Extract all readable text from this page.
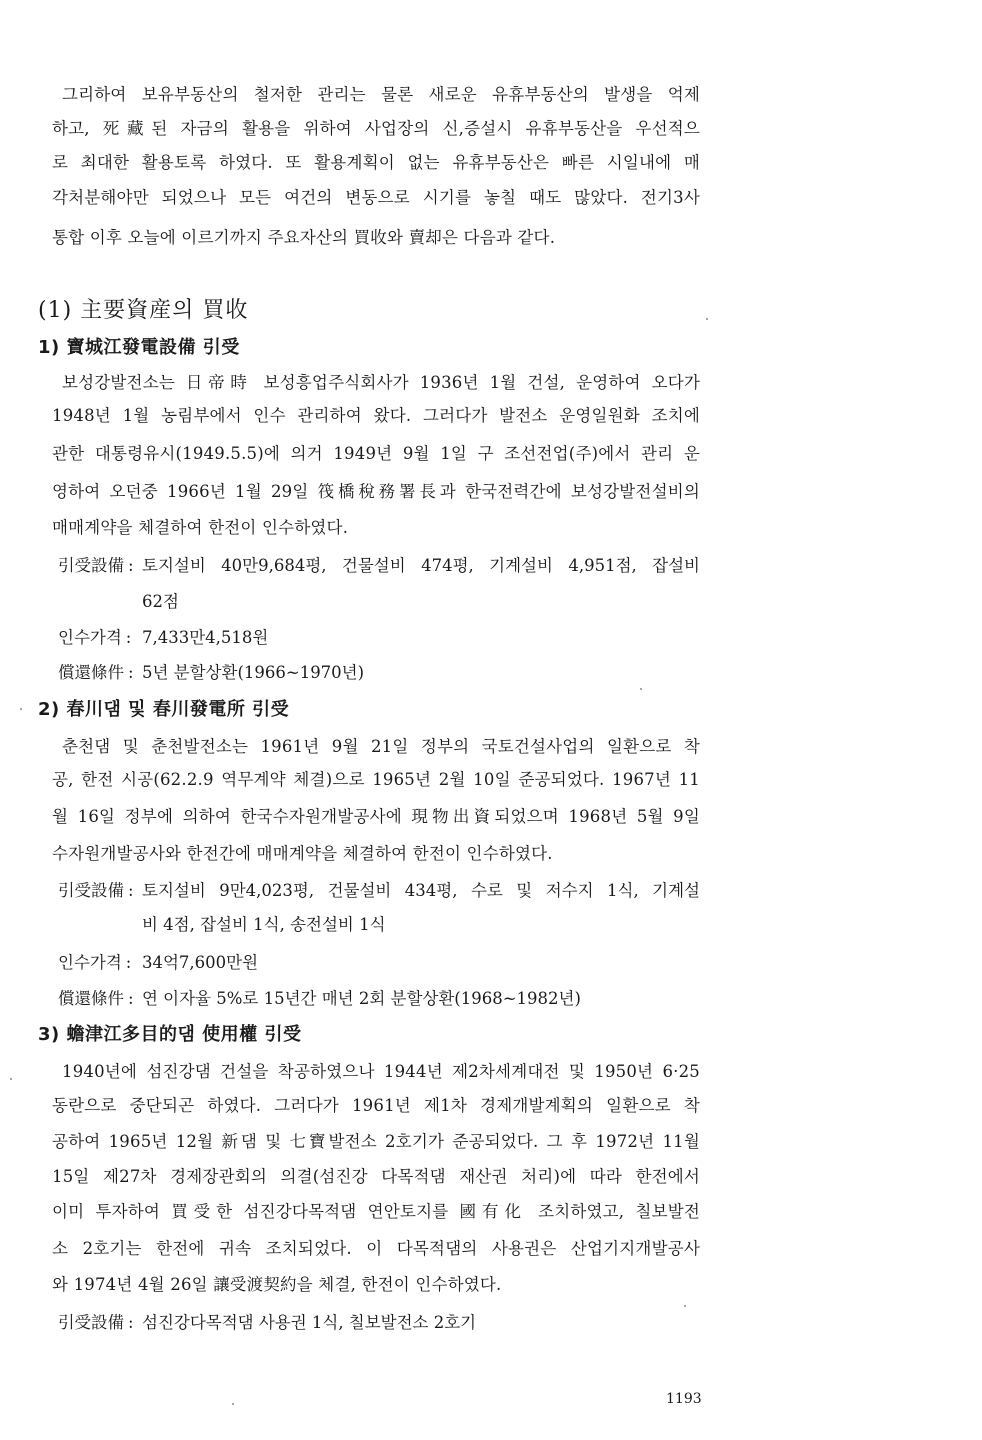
그리하여 보유부동산의 철저한 관리는 물론 새로운 유휴부동산의 발생을 억제
하고, 死藏된 자금의 활용을 위하여 사업장의 신,증설시 유휴부동산을 우선적으
로 최대한 활용토록 하였다. 또 활용계획이 없는 유휴부동산은 빠른 시일내에 매
각처분해야만 되었으나 모든 여건의 변동으로 시기를 놓칠 때도 많았다. 전기3사
통합 이후 오늘에 이르기까지 주요자산의 買收와 賣却은 다음과 같다.
(1) 主要資産의 買收
1) 寶城江發電設備 引受
보성강발전소는 日帝時 보성흥업주식회사가 1936년 1월 건설, 운영하여 오다가
1948년 1월 농림부에서 인수 관리하여 왔다. 그러다가 발전소 운영일원화 조치에
관한 대통령유시(1949.5.5)에 의거 1949년 9월 1일 구 조선전업(주)에서 관리 운
영하여 오던중 1966년 1월 29일 筏橋稅務署長과 한국전력간에 보성강발전설비의
매매계약을 체결하여 한전이 인수하였다.
引受設備 : 토지설비 40만9,684평, 건물설비 474평, 기계설비 4,951점, 잡설비
62점
인수가격 : 7,433만4,518원
償還條件 : 5년 분할상환(1966~1970년)
2) 春川댐 및 春川發電所 引受
춘천댐 및 춘천발전소는 1961년 9월 21일 정부의 국토건설사업의 일환으로 착
공, 한전 시공(62.2.9 역무계약 체결)으로 1965년 2월 10일 준공되었다. 1967년 11
월 16일 정부에 의하여 한국수자원개발공사에 現物出資되었으며 1968년 5월 9일
수자원개발공사와 한전간에 매매계약을 체결하여 한전이 인수하였다.
引受設備 : 토지설비 9만4,023평, 건물설비 434평, 수로 및 저수지 1식, 기계설
비 4점, 잡설비 1식, 송전설비 1식
인수가격 : 34억7,600만원
償還條件 : 연 이자율 5%로 15년간 매년 2회 분할상환(1968~1982년)
3) 蟾津江多目的댐 使用權 引受
1940년에 섬진강댐 건설을 착공하였으나 1944년 제2차세계대전 및 1950년 6·25
동란으로 중단되곤 하였다. 그러다가 1961년 제1차 경제개발계획의 일환으로 착
공하여 1965년 12월 新댐 및 七寶발전소 2호기가 준공되었다. 그 후 1972년 11월
15일 제27차 경제장관회의 의결(섬진강 다목적댐 재산권 처리)에 따라 한전에서
이미 투자하여 買受한 섬진강다목적댐 연안토지를 國有化 조치하였고, 칠보발전
소 2호기는 한전에 귀속 조치되었다. 이 다목적댐의 사용권은 산업기지개발공사
와 1974년 4월 26일 讓受渡契約을 체결, 한전이 인수하였다.
引受設備 : 섬진강다목적댐 사용권 1식, 칠보발전소 2호기
1193
